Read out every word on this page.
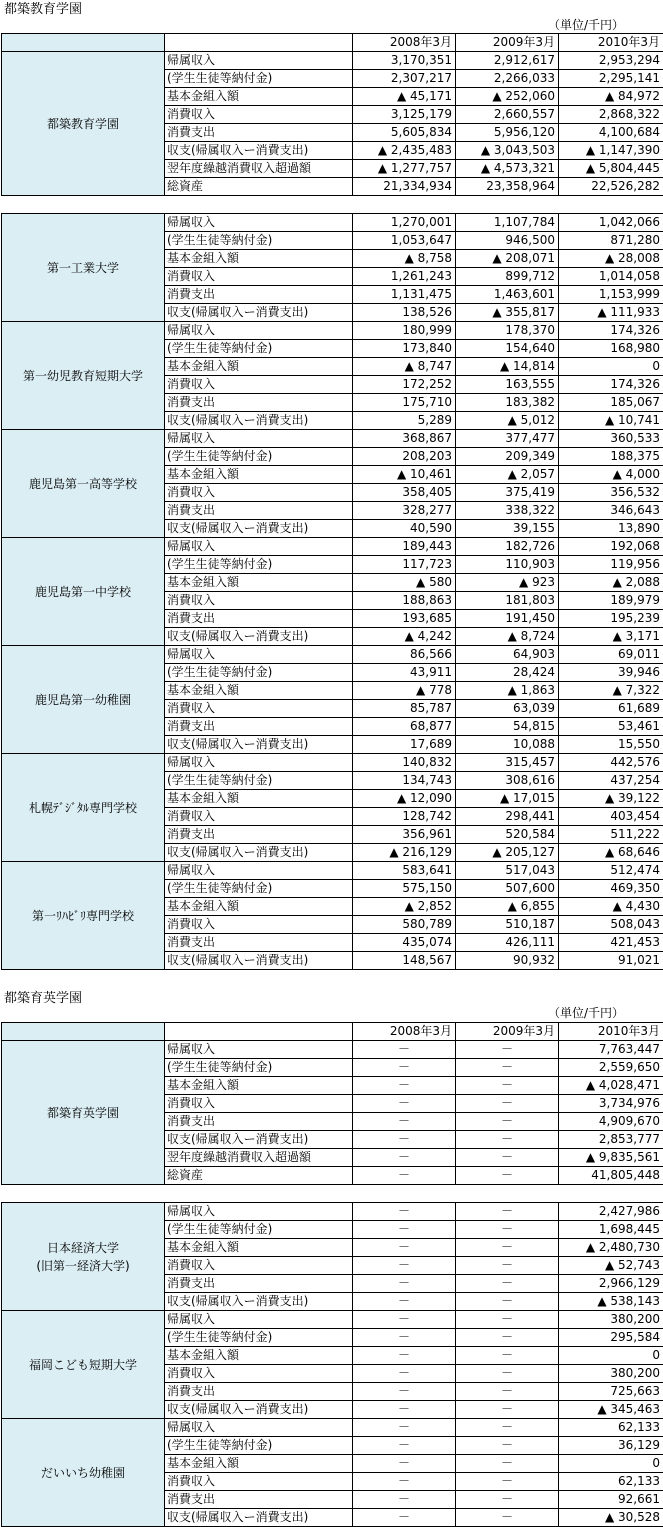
都築教育学園
（単位/千円）
		2008年3月	2009年3月	2010年3月

都築教育学園	帰属収入	3,170,351	2,912,617	2,953,294
	(学生生徒等納付金)	2,307,217	2,266,033	2,295,141
	基本金組入額	▲ 45,171	▲ 252,060	▲ 84,972
	消費収入	3,125,179	2,660,557	2,868,322
	消費支出	5,605,834	5,956,120	4,100,684
	収支(帰属収入ー消費支出)	▲ 2,435,483	▲ 3,043,503	▲ 1,147,390
	翌年度繰越消費収入超過額	▲ 1,277,757	▲ 4,573,321	▲ 5,804,445
	総資産	21,334,934	23,358,964	22,526,282
第一工業大学	帰属収入	1,270,001	1,107,784	1,042,066
	(学生生徒等納付金)	1,053,647	946,500	871,280
	基本金組入額	▲ 8,758	▲ 208,071	▲ 28,008
	消費収入	1,261,243	899,712	1,014,058
	消費支出	1,131,475	1,463,601	1,153,999
	収支(帰属収入ー消費支出)	138,526	▲ 355,817	▲ 111,933

第一幼児教育短期大学	帰属収入	180,999	178,370	174,326
	(学生生徒等納付金)	173,840	154,640	168,980
	基本金組入額	▲ 8,747	▲ 14,814	0
	消費収入	172,252	163,555	174,326
	消費支出	175,710	183,382	185,067
	収支(帰属収入ー消費支出)	5,289	▲ 5,012	▲ 10,741

鹿児島第一高等学校	帰属収入	368,867	377,477	360,533
	(学生生徒等納付金)	208,203	209,349	188,375
	基本金組入額	▲ 10,461	▲ 2,057	▲ 4,000
	消費収入	358,405	375,419	356,532
	消費支出	328,277	338,322	346,643
	収支(帰属収入ー消費支出)	40,590	39,155	13,890

鹿児島第一中学校	帰属収入	189,443	182,726	192,068
	(学生生徒等納付金)	117,723	110,903	119,956
	基本金組入額	▲ 580	▲ 923	▲ 2,088
	消費収入	188,863	181,803	189,979
	消費支出	193,685	191,450	195,239
	収支(帰属収入ー消費支出)	▲ 4,242	▲ 8,724	▲ 3,171

鹿児島第一幼稚園	帰属収入	86,566	64,903	69,011
	(学生生徒等納付金)	43,911	28,424	39,946
	基本金組入額	▲ 778	▲ 1,863	▲ 7,322
	消費収入	85,787	63,039	61,689
	消費支出	68,877	54,815	53,461
	収支(帰属収入ー消費支出)	17,689	10,088	15,550

札幌ﾃﾞｼﾞﾀﾙ専門学校	帰属収入	140,832	315,457	442,576
	(学生生徒等納付金)	134,743	308,616	437,254
	基本金組入額	▲ 12,090	▲ 17,015	▲ 39,122
	消費収入	128,742	298,441	403,454
	消費支出	356,961	520,584	511,222
	収支(帰属収入ー消費支出)	▲ 216,129	▲ 205,127	▲ 68,646

第一ﾘﾊﾋﾞﾘ専門学校	帰属収入	583,641	517,043	512,474
	(学生生徒等納付金)	575,150	507,600	469,350
	基本金組入額	▲ 2,852	▲ 6,855	▲ 4,430
	消費収入	580,789	510,187	508,043
	消費支出	435,074	426,111	421,453
	収支(帰属収入ー消費支出)	148,567	90,932	91,021
都築育英学園
（単位/千円）
		2008年3月	2009年3月	2010年3月

都築育英学園	帰属収入	－	－	7,763,447
	(学生生徒等納付金)	－	－	2,559,650
	基本金組入額	－	－	▲ 4,028,471
	消費収入	－	－	3,734,976
	消費支出	－	－	4,909,670
	収支(帰属収入ー消費支出)	－	－	2,853,777
	翌年度繰越消費収入超過額	－	－	▲ 9,835,561
	総資産	－	－	41,805,448
日本経済大学
(旧第一経済大学)	帰属収入	－	－	2,427,986
	(学生生徒等納付金)	－	－	1,698,445
	基本金組入額	－	－	▲ 2,480,730
	消費収入	－	－	▲ 52,743
	消費支出	－	－	2,966,129
	収支(帰属収入ー消費支出)	－	－	▲ 538,143

福岡こども短期大学	帰属収入	－	－	380,200
	(学生生徒等納付金)	－	－	295,584
	基本金組入額	－	－	0
	消費収入	－	－	380,200
	消費支出	－	－	725,663
	収支(帰属収入ー消費支出)	－	－	▲ 345,463

だいいち幼稚園	帰属収入	－	－	62,133
	(学生生徒等納付金)	－	－	36,129
	基本金組入額	－	－	0
	消費収入	－	－	62,133
	消費支出	－	－	92,661
	収支(帰属収入ー消費支出)	－	－	▲ 30,528
